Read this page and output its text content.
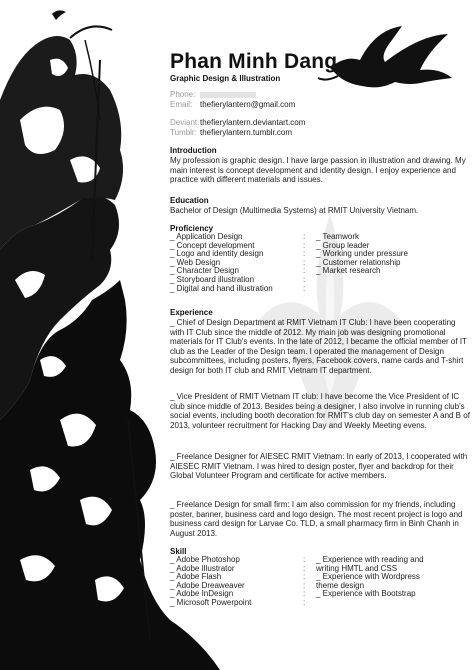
Phan Minh Dang
Graphic Design & Illustration
Phone:
Email: thefierylantern@gmail.com
Deviant:thefierylantern.deviantart.com
Tumblr: thefierylantern.tumblr.com
Introduction

My profession is graphic design. I have large passion in illustration and drawing. My main interest is concept development and identity design. I enjoy experience and practice with different materials and issues.

Education

Bachelor of Design (Multimedia Systems) at RMIT University Vietnam.

Proficiency
_ Application Design
_ Concept development
_ Logo and identity design
_ Web Design
_ Character Design
_ Storyboard illustration
_ Digital and hand illustration
:
:
:
:
:
:
:
_ Teamwork
_ Group leader
_ Working under pressure
_ Customer relationship
_ Market research
Experience

_ Chief of Design Department at RMIT Vietnam IT Club: I have been cooperating with IT Club since the middle of 2012. My main job was designing promotional materials for IT Club's events. In the late of 2012, I became the official member of IT club as the Leader of the Design team. I operated the management of Design subcommittees, including posters, flyers, Facebook covers, name cards and T-shirt design for both IT club and RMIT Vietnam IT department.

_ Vice President of RMIT Vietnam IT club: I have become the Vice President of IC club since middle of 2013. Besides being a designer, I also involve in running club's social events, including booth decoration for RMIT's club day on semester A and B of 2013, volunteer recruitment for Hacking Day and Weekly Meeting evens.

_ Freelance Designer for AIESEC RMIT Vietnam: In early of 2013, I cooperated with AIESEC RMIT Vietnam. I was hired to design poster, flyer and backdrop for their Global Volunteer Program and certificate for active members.

_ Freelance Design for small firm: I am also commission for my friends, including poster, banner, business card and logo design. The most recent project is logo and business card design for Larvae Co. TLD, a small pharmacy firm in Binh Chanh in August 2013.

Skill
_ Adobe Photoshop
_ Adobe Illustrator
_ Adobe Flash
_ Adobe Dreaweaver
_ Adobe InDesign
_ Microsoft Powerpoint
:
:
:
:
:
:
_ Experience with reading and
writing HMTL and CSS
_ Experience with Wordpress
theme design
_ Experience with Bootstrap
